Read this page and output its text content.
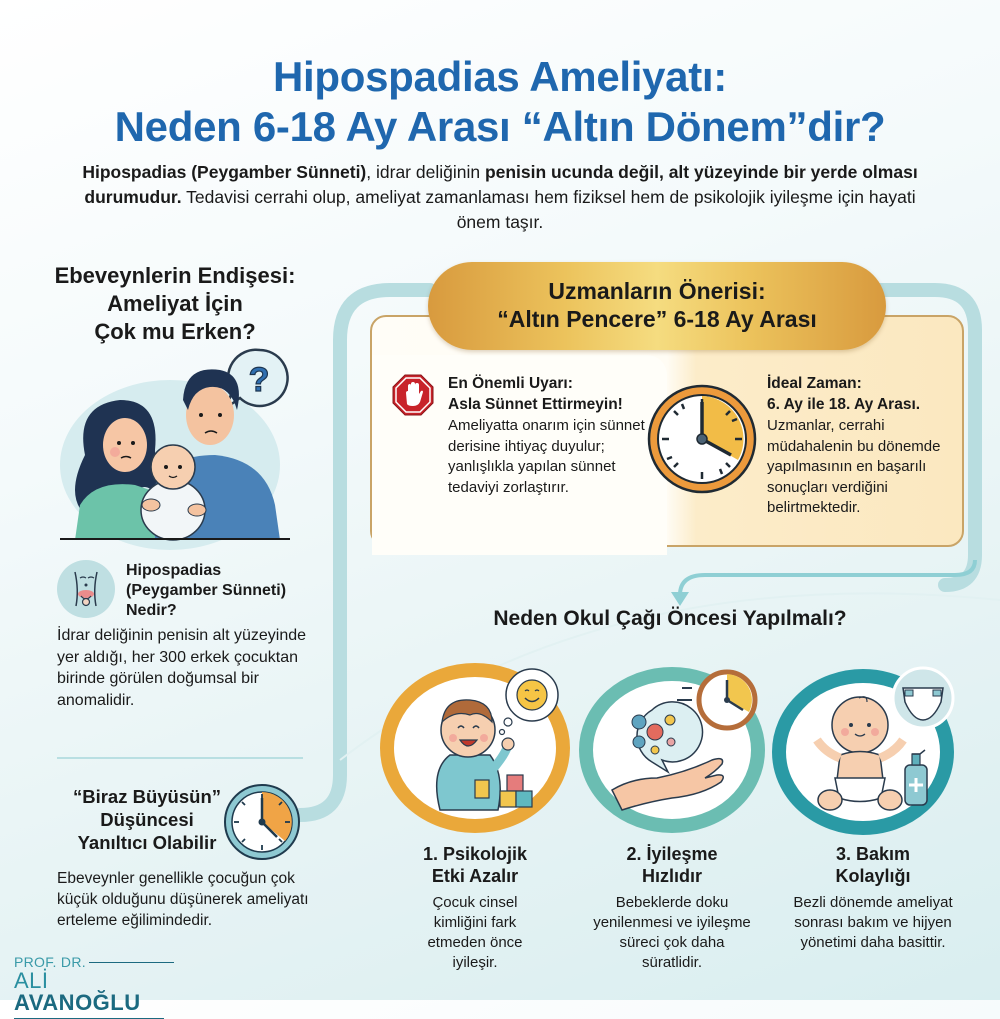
Hipospadias Ameliyatı:
Neden 6-18 Ay Arası “Altın Dönem”dir?
Hipospadias (Peygamber Sünneti), idrar deliğinin penisin ucunda değil, alt yüzeyinde bir yerde olması durumudur. Tedavisi cerrahi olup, ameliyat zamanlaması hem fiziksel hem de psikolojik iyileşme için hayati önem taşır.
Ebeveynlerin Endişesi:
Ameliyat İçin
Çok mu Erken?
?
Hipospadias
(Peygamber Sünneti)
Nedir?
İdrar deliğinin penisin alt yüzeyinde yer aldığı, her 300 erkek çocuktan birinde görülen doğumsal bir anomalidir.
“Biraz Büyüsün”
Düşüncesi
Yanıltıcı Olabilir
Ebeveynler genellikle çocuğun çok küçük olduğunu düşünerek ameliyatı erteleme eğilimindedir.
PROF. DR.
ALİ AVANOĞLU
Uzmanların Önerisi:
“Altın Pencere” 6-18 Ay Arası
En Önemli Uyarı:
Asla Sünnet Ettirmeyin!
Ameliyatta onarım için sünnet derisine ihtiyaç duyulur; yanlışlıkla yapılan sünnet tedaviyi zorlaştırır.
İdeal Zaman:
6. Ay ile 18. Ay Arası.
Uzmanlar, cerrahi müdahalenin bu dönemde yapılmasının en başarılı sonuçları verdiğini belirtmektedir.
Neden Okul Çağı Öncesi Yapılmalı?
1. Psikolojik
Etki Azalır
Çocuk cinsel kimliğini fark etmeden önce iyileşir.
2. İyileşme
Hızlıdır
Bebeklerde doku yenilenmesi ve iyileşme süreci çok daha süratlidir.
3. Bakım
Kolaylığı
Bezli dönemde ameliyat sonrası bakım ve hijyen yönetimi daha basittir.
